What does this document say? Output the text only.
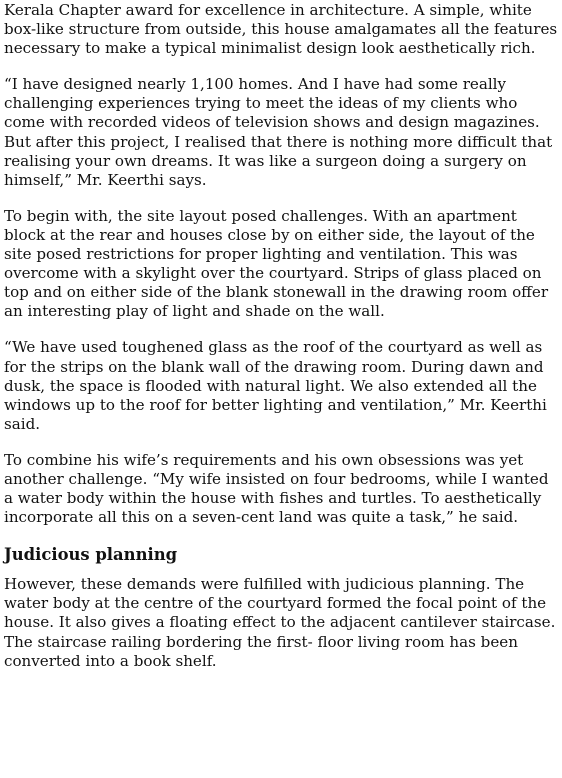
Kerala Chapter award for excellence in architecture. A simple, white box-like structure from outside, this house amalgamates all the features necessary to make a typical minimalist design look aesthetically rich.

“I have designed nearly 1,100 homes. And I have had some really challenging experiences trying to meet the ideas of my clients who come with recorded videos of television shows and design magazines. But after this project, I realised that there is nothing more difficult that realising your own dreams. It was like a surgeon doing a surgery on himself,” Mr. Keerthi says.

To begin with, the site layout posed challenges. With an apartment block at the rear and houses close by on either side, the layout of the site posed restrictions for proper lighting and ventilation. This was overcome with a skylight over the courtyard. Strips of glass placed on top and on either side of the blank stonewall in the drawing room offer an interesting play of light and shade on the wall.

“We have used toughened glass as the roof of the courtyard as well as for the strips on the blank wall of the drawing room. During dawn and dusk, the space is flooded with natural light. We also extended all the windows up to the roof for better lighting and ventilation,” Mr. Keerthi said.

To combine his wife’s requirements and his own obsessions was yet another challenge. “My wife insisted on four bedrooms, while I wanted a water body within the house with fishes and turtles. To aesthetically incorporate all this on a seven-cent land was quite a task,” he said.

Judicious planning

However, these demands were fulfilled with judicious planning. The water body at the centre of the courtyard formed the focal point of the house. It also gives a floating effect to the adjacent cantilever staircase. The staircase railing bordering the first- floor living room has been converted into a book shelf.
